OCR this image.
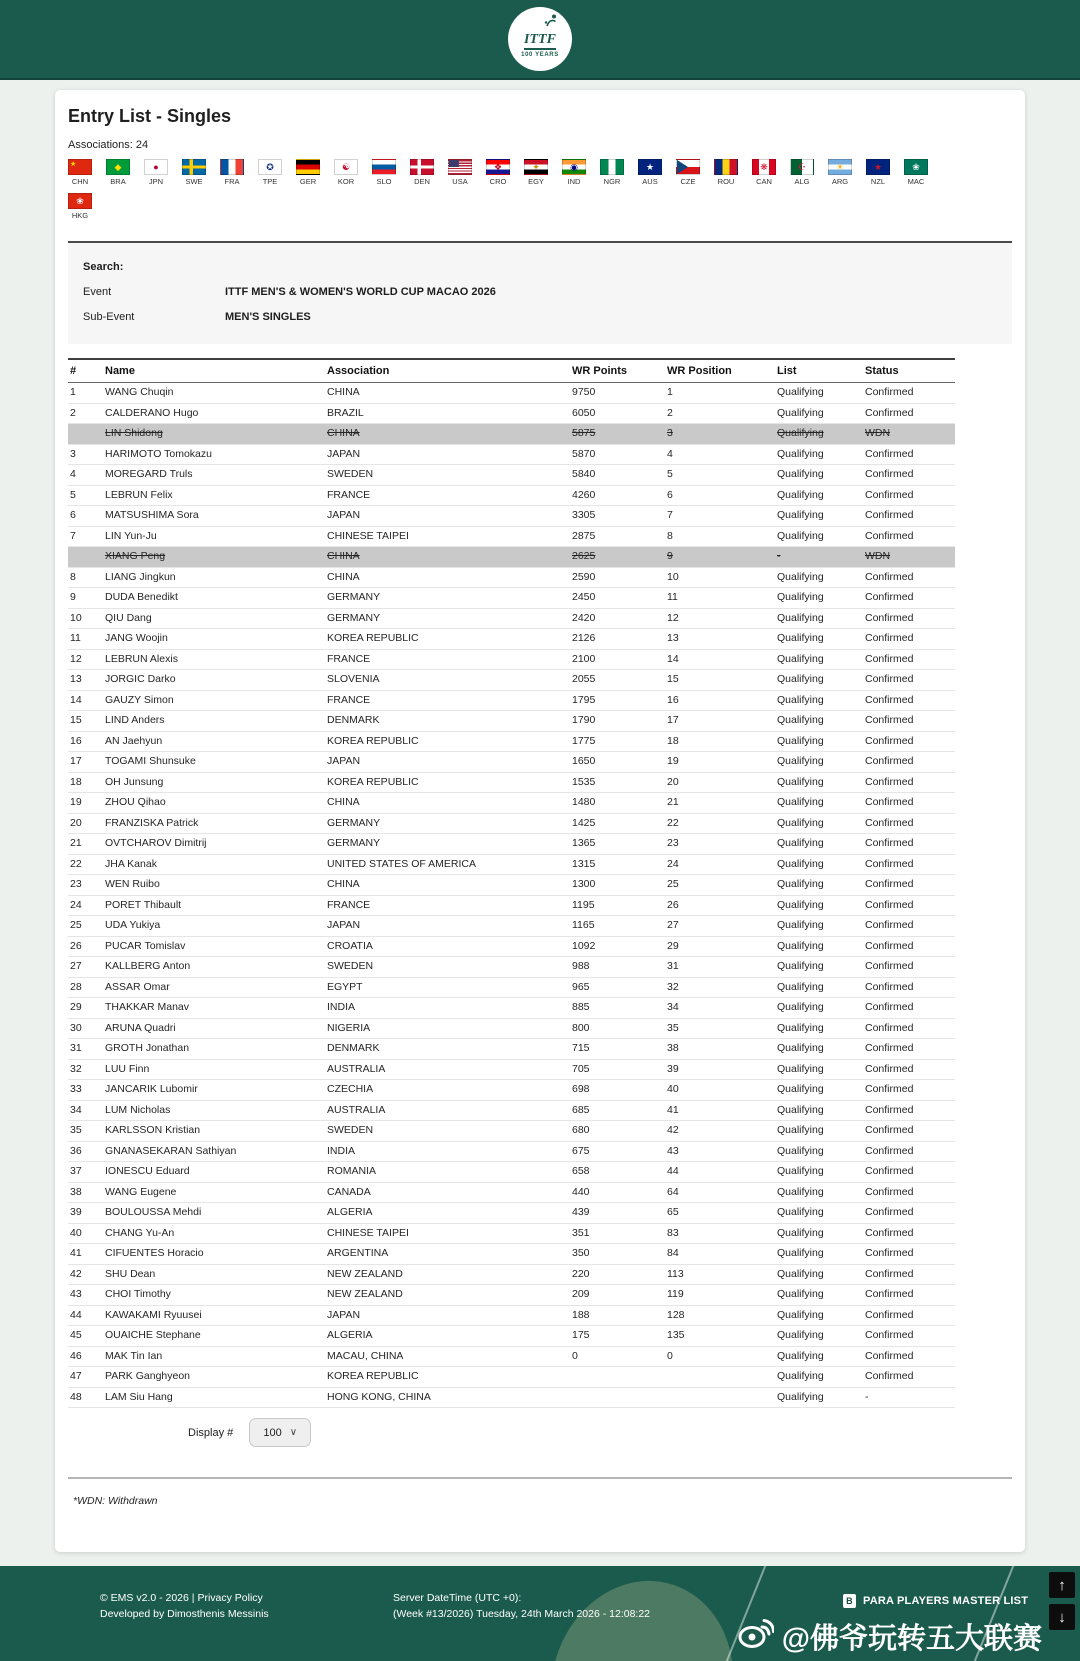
ITTF
100 YEARS
Entry List - Singles
Associations: 24
★
CHN
◆
BRA
●
JPN	SWE	FRA
✪
TPE	GER
☯
KOR	SLO	DEN	USA
❖
CRO
✦
EGY
◉
IND	NGR
★
AUS	CZE	ROU
❋
CAN
☪
ALG
☀
ARG
★
NZL
❀
MAC
❀
HKG
Search:
Event	ITTF MEN'S & WOMEN'S WORLD CUP MACAO 2026
Sub-Event	MEN'S SINGLES
#	Name	Association	WR Points	WR Position	List	Status
1	WANG Chuqin	CHINA	9750	1	Qualifying	Confirmed
2	CALDERANO Hugo	BRAZIL	6050	2	Qualifying	Confirmed
	LIN Shidong	CHINA	5875	3	Qualifying	WDN
3	HARIMOTO Tomokazu	JAPAN	5870	4	Qualifying	Confirmed
4	MOREGARD Truls	SWEDEN	5840	5	Qualifying	Confirmed
5	LEBRUN Felix	FRANCE	4260	6	Qualifying	Confirmed
6	MATSUSHIMA Sora	JAPAN	3305	7	Qualifying	Confirmed
7	LIN Yun-Ju	CHINESE TAIPEI	2875	8	Qualifying	Confirmed
	XIANG Peng	CHINA	2625	9	-	WDN
8	LIANG Jingkun	CHINA	2590	10	Qualifying	Confirmed
9	DUDA Benedikt	GERMANY	2450	11	Qualifying	Confirmed
10	QIU Dang	GERMANY	2420	12	Qualifying	Confirmed
11	JANG Woojin	KOREA REPUBLIC	2126	13	Qualifying	Confirmed
12	LEBRUN Alexis	FRANCE	2100	14	Qualifying	Confirmed
13	JORGIC Darko	SLOVENIA	2055	15	Qualifying	Confirmed
14	GAUZY Simon	FRANCE	1795	16	Qualifying	Confirmed
15	LIND Anders	DENMARK	1790	17	Qualifying	Confirmed
16	AN Jaehyun	KOREA REPUBLIC	1775	18	Qualifying	Confirmed
17	TOGAMI Shunsuke	JAPAN	1650	19	Qualifying	Confirmed
18	OH Junsung	KOREA REPUBLIC	1535	20	Qualifying	Confirmed
19	ZHOU Qihao	CHINA	1480	21	Qualifying	Confirmed
20	FRANZISKA Patrick	GERMANY	1425	22	Qualifying	Confirmed
21	OVTCHAROV Dimitrij	GERMANY	1365	23	Qualifying	Confirmed
22	JHA Kanak	UNITED STATES OF AMERICA	1315	24	Qualifying	Confirmed
23	WEN Ruibo	CHINA	1300	25	Qualifying	Confirmed
24	PORET Thibault	FRANCE	1195	26	Qualifying	Confirmed
25	UDA Yukiya	JAPAN	1165	27	Qualifying	Confirmed
26	PUCAR Tomislav	CROATIA	1092	29	Qualifying	Confirmed
27	KALLBERG Anton	SWEDEN	988	31	Qualifying	Confirmed
28	ASSAR Omar	EGYPT	965	32	Qualifying	Confirmed
29	THAKKAR Manav	INDIA	885	34	Qualifying	Confirmed
30	ARUNA Quadri	NIGERIA	800	35	Qualifying	Confirmed
31	GROTH Jonathan	DENMARK	715	38	Qualifying	Confirmed
32	LUU Finn	AUSTRALIA	705	39	Qualifying	Confirmed
33	JANCARIK Lubomir	CZECHIA	698	40	Qualifying	Confirmed
34	LUM Nicholas	AUSTRALIA	685	41	Qualifying	Confirmed
35	KARLSSON Kristian	SWEDEN	680	42	Qualifying	Confirmed
36	GNANASEKARAN Sathiyan	INDIA	675	43	Qualifying	Confirmed
37	IONESCU Eduard	ROMANIA	658	44	Qualifying	Confirmed
38	WANG Eugene	CANADA	440	64	Qualifying	Confirmed
39	BOULOUSSA Mehdi	ALGERIA	439	65	Qualifying	Confirmed
40	CHANG Yu-An	CHINESE TAIPEI	351	83	Qualifying	Confirmed
41	CIFUENTES Horacio	ARGENTINA	350	84	Qualifying	Confirmed
42	SHU Dean	NEW ZEALAND	220	113	Qualifying	Confirmed
43	CHOI Timothy	NEW ZEALAND	209	119	Qualifying	Confirmed
44	KAWAKAMI Ryuusei	JAPAN	188	128	Qualifying	Confirmed
45	OUAICHE Stephane	ALGERIA	175	135	Qualifying	Confirmed
46	MAK Tin Ian	MACAU, CHINA	0	0	Qualifying	Confirmed
47	PARK Ganghyeon	KOREA REPUBLIC			Qualifying	Confirmed
48	LAM Siu Hang	HONG KONG, CHINA			Qualifying	-
Display #	100 ∨
*WDN: Withdrawn
© EMS v2.0 - 2026 | Privacy Policy
Developed by Dimosthenis Messinis
Server DateTime (UTC +0):
(Week #13/2026) Tuesday, 24th March 2026 - 12:08:22
B PARA PLAYERS MASTER LIST
@佛爷玩转五大联赛
↑
↓
